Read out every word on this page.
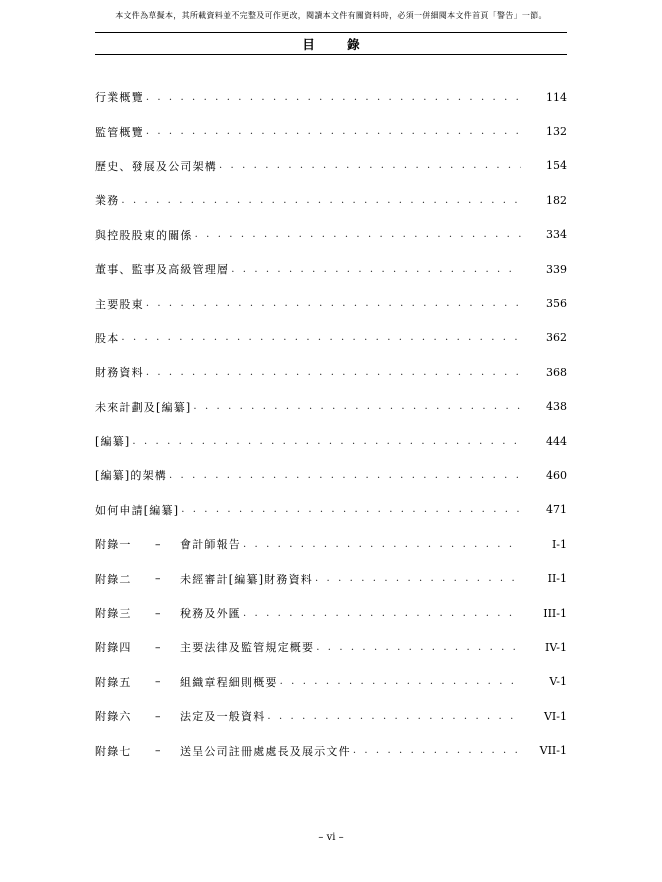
本文件為草擬本，其所載資料並不完整及可作更改，閱讀本文件有關資料時，必須一併細閱本文件首頁「警告」一節。
目 錄
行業概覽 . . .	114
監管概覽 . . .	132
歷史、發展及公司架構 . . .	154
業務 . . .	182
與控股股東的關係 . . .	334
董事、監事及高級管理層 . . .	339
主要股東 . . .	356
股本 . . .	362
財務資料 . . .	368
未來計劃及[編纂] . . .	438
[編纂] . . .	444
[編纂]的架構 . . .	460
如何申請[編纂] . . .	471
附錄一	–	會計師報告 . . .	I-1
附錄二	–	未經審計[編纂]財務資料 . . .	II-1
附錄三	–	稅務及外匯 . . .	III-1
附錄四	–	主要法律及監管規定概要 . . .	IV-1
附錄五	–	組織章程細則概要 . . .	V-1
附錄六	–	法定及一般資料 . . .	VI-1
附錄七	–	送呈公司註冊處處長及展示文件 . . .	VII-1
– vi –
